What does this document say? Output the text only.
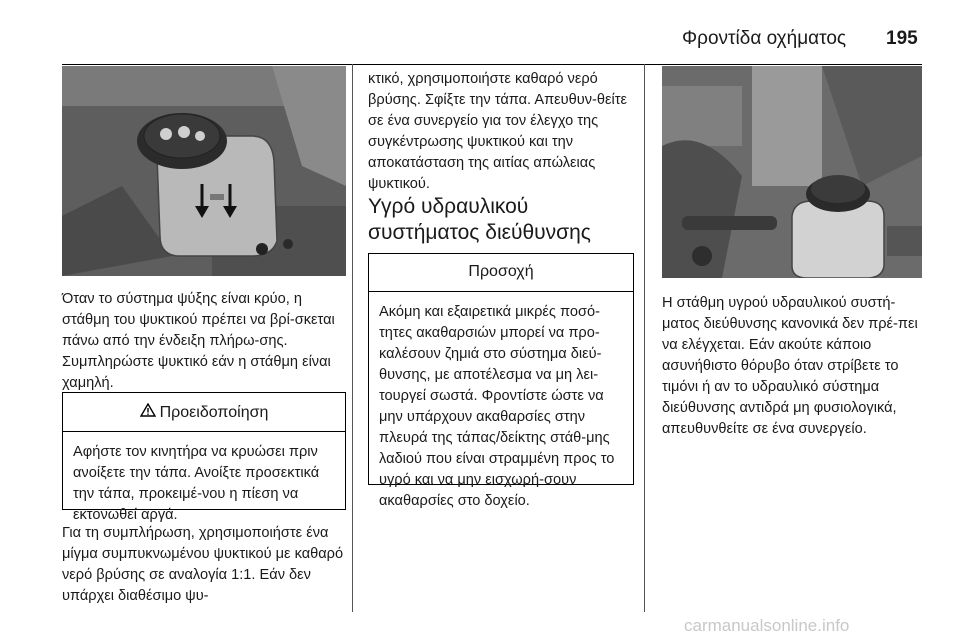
Φροντίδα οχήματος 195

Όταν το σύστημα ψύξης είναι κρύο, η στάθμη του ψυκτικού πρέπει να βρί-σκεται πάνω από την ένδειξη πλήρω-σης. Συμπληρώστε ψυκτικό εάν η στάθμη είναι χαμηλή.

Προειδοποίηση
Αφήστε τον κινητήρα να κρυώσει πριν ανοίξετε την τάπα. Ανοίξτε προσεκτικά την τάπα, προκειμέ-νου η πίεση να εκτονωθεί αργά.

Για τη συμπλήρωση, χρησιμοποιήστε ένα μίγμα συμπυκνωμένου ψυκτικού με καθαρό νερό βρύσης σε αναλογία 1:1. Εάν δεν υπάρχει διαθέσιμο ψυ-

κτικό, χρησιμοποιήστε καθαρό νερό βρύσης. Σφίξτε την τάπα. Απευθυν-θείτε σε ένα συνεργείο για τον έλεγχο της συγκέντρωσης ψυκτικού και την αποκατάσταση της αιτίας απώλειας ψυκτικού.

Υγρό υδραυλικού
συστήματος διεύθυνσης
Προσοχή
Ακόμη και εξαιρετικά μικρές ποσό-τητες ακαθαρσιών μπορεί να προ-καλέσουν ζημιά στο σύστημα διεύ-θυνσης, με αποτέλεσμα να μη λει-τουργεί σωστά. Φροντίστε ώστε να μην υπάρχουν ακαθαρσίες στην πλευρά της τάπας/δείκτης στάθ-μης λαδιού που είναι στραμμένη προς το υγρό και να μην εισχωρή-σουν ακαθαρσίες στο δοχείο.

Η στάθμη υγρού υδραυλικού συστή-ματος διεύθυνσης κανονικά δεν πρέ-πει να ελέγχεται. Εάν ακούτε κάποιο ασυνήθιστο θόρυβο όταν στρίβετε το τιμόνι ή αν το υδραυλικό σύστημα διεύθυνσης αντιδρά μη φυσιολογικά, απευθυνθείτε σε ένα συνεργείο.

carmanualsonline.info
